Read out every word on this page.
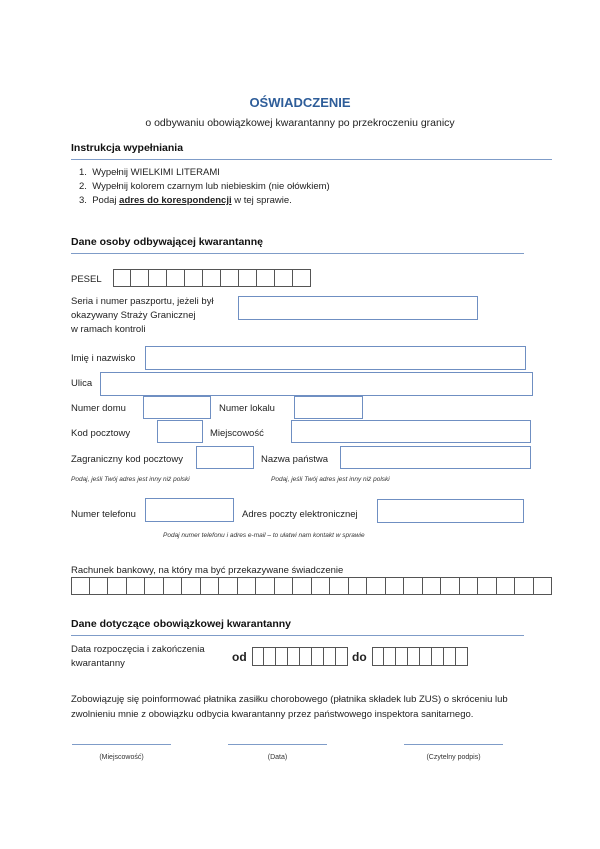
OŚWIADCZENIE
o odbywaniu obowiązkowej kwarantanny po przekroczeniu granicy
Instrukcja wypełniania
1. Wypełnij WIELKIMI LITERAMI
2. Wypełnij kolorem czarnym lub niebieskim (nie ołówkiem)
3. Podaj adres do korespondencji w tej sprawie.
Dane osoby odbywającej kwarantannę
PESEL
Seria i numer paszportu, jeżeli był
okazywany Straży Granicznej
w ramach kontroli
Imię i nazwisko
Ulica
Numer domu	Numer lokalu
Kod pocztowy	Miejscowość
Zagraniczny kod pocztowy	Nazwa państwa
Podaj, jeśli Twój adres jest inny niż polski	Podaj, jeśli Twój adres jest inny niż polski
Numer telefonu	Adres poczty elektronicznej
Podaj numer telefonu i adres e-mail – to ułatwi nam kontakt w sprawie
Rachunek bankowy, na który ma być przekazywane świadczenie
Dane dotyczące obowiązkowej kwarantanny
Data rozpoczęcia i zakończenia
kwarantanny	od	do
Zobowiązuję się poinformować płatnika zasiłku chorobowego (płatnika składek lub ZUS) o skróceniu lub
zwolnieniu mnie z obowiązku odbycia kwarantanny przez państwowego inspektora sanitarnego.
(Miejscowość)	(Data)	(Czytelny podpis)
